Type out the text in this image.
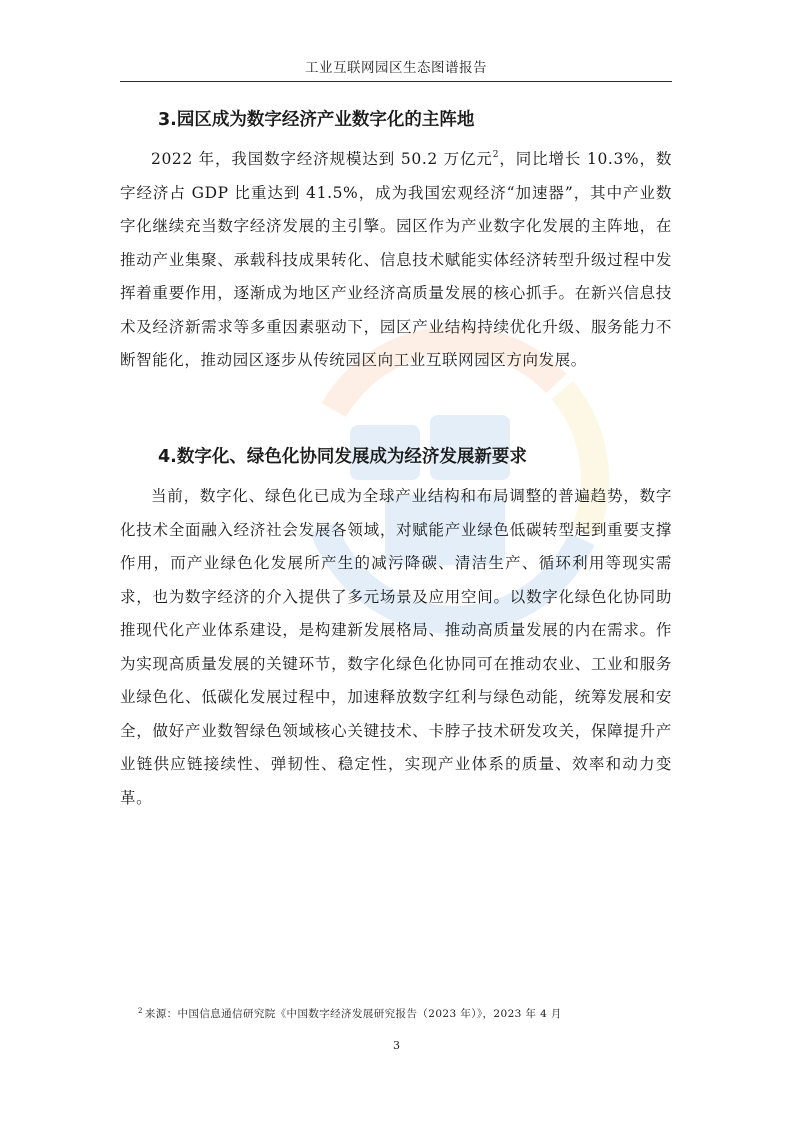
工业互联网园区生态图谱报告
3.园区成为数字经济产业数字化的主阵地
2022 年，我国数字经济规模达到 50.2 万亿元$^2$，同比增长 10.3%，数字经济占 GDP 比重达到 41.5%，成为我国宏观经济“加速器”，其中产业数字化继续充当数字经济发展的主引擎。园区作为产业数字化发展的主阵地，在推动产业集聚、承载科技成果转化、信息技术赋能实体经济转型升级过程中发挥着重要作用，逐渐成为地区产业经济高质量发展的核心抓手。在新兴信息技术及经济新需求等多重因素驱动下，园区产业结构持续优化升级、服务能力不断智能化，推动园区逐步从传统园区向工业互联网园区方向发展。
4.数字化、绿色化协同发展成为经济发展新要求
当前，数字化、绿色化已成为全球产业结构和布局调整的普遍趋势，数字化技术全面融入经济社会发展各领域，对赋能产业绿色低碳转型起到重要支撑作用，而产业绿色化发展所产生的减污降碳、清洁生产、循环利用等现实需求，也为数字经济的介入提供了多元场景及应用空间。以数字化绿色化协同助推现代化产业体系建设，是构建新发展格局、推动高质量发展的内在需求。作为实现高质量发展的关键环节，数字化绿色化协同可在推动农业、工业和服务业绿色化、低碳化发展过程中，加速释放数字红利与绿色动能，统筹发展和安全，做好产业数智绿色领域核心关键技术、卡脖子技术研发攻关，保障提升产业链供应链接续性、弹韧性、稳定性，实现产业体系的质量、效率和动力变革。
$^2$ 来源：中国信息通信研究院《中国数字经济发展研究报告（2023 年）》，2023 年 4 月
3
